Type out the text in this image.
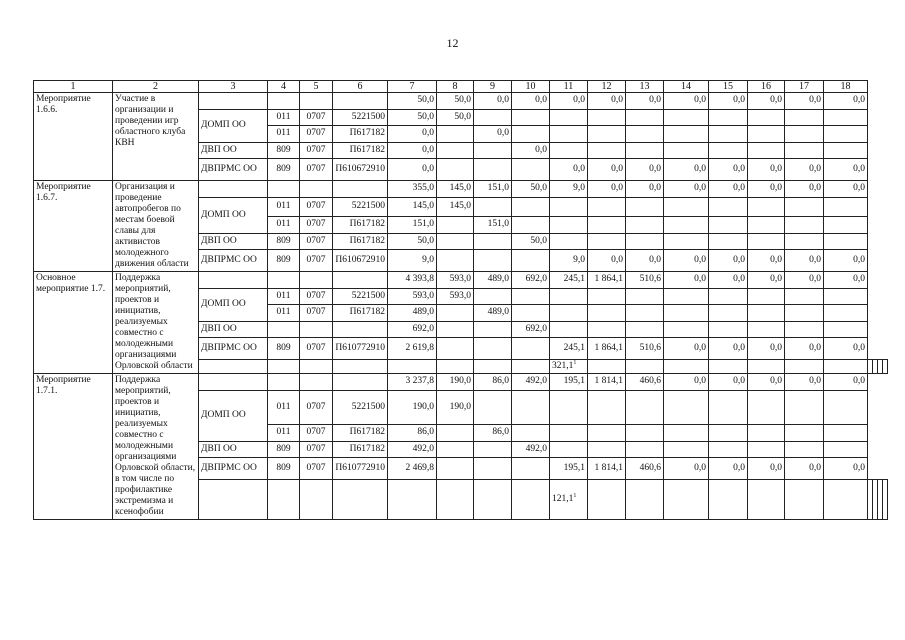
12
1	2	3	4	5	6	7	8	9	10	11	12	13	14	15	16	17	18				
Мероприятие 1.6.6.	Участие в организации и проведении игр областного клуба КВН					50,0	50,0	0,0	0,0	0,0	0,0	0,0	0,0	0,0	0,0	0,0	0,0				
		ДОМП ОО	011	0707	5221500	50,0	50,0														
			011	0707	П617182	0,0		0,0													
		ДВП ОО	809	0707	П617182	0,0			0,0												
		ДВПРМС ОО	809	0707	П610672910	0,0				0,0	0,0	0,0	0,0	0,0	0,0	0,0	0,0				
Мероприятие 1.6.7.	Организация и проведение автопробегов по местам боевой славы для активистов молодежного движения области					355,0	145,0	151,0	50,0	9,0	0,0	0,0	0,0	0,0	0,0	0,0	0,0				
		ДОМП ОО	011	0707	5221500	145,0	145,0														
			011	0707	П617182	151,0		151,0													
		ДВП ОО	809	0707	П617182	50,0			50,0												
		ДВПРМС ОО	809	0707	П610672910	9,0				9,0	0,0	0,0	0,0	0,0	0,0	0,0	0,0				
Основное мероприятие 1.7.	Поддержка мероприятий, проектов и инициатив, реализуемых совместно с молодежными организациями Орловской области					4 393,8	593,0	489,0	692,0	245,1	1 864,1	510,6	0,0	0,0	0,0	0,0	0,0				
		ДОМП ОО	011	0707	5221500	593,0	593,0														
			011	0707	П617182	489,0		489,0													
		ДВП ОО				692,0			692,0												
		ДВПРМС ОО	809	0707	П610772910	2 619,8				245,1	1 864,1	510,6	0,0	0,0	0,0	0,0	0,0				
										321,1$^1$											
Мероприятие 1.7.1.	Поддержка мероприятий, проектов и инициатив, реализуемых совместно с молодежными организациями Орловской области, в том числе по профилактике экстремизма и ксенофобии					3 237,8	190,0	86,0	492,0	195,1	1 814,1	460,6	0,0	0,0	0,0	0,0	0,0				
		ДОМП ОО	011	0707	5221500	190,0	190,0														
			011	0707	П617182	86,0		86,0													
		ДВП ОО	809	0707	П617182	492,0			492,0												
		ДВПРМС ОО	809	0707	П610772910	2 469,8				195,1	1 814,1	460,6	0,0	0,0	0,0	0,0	0,0				
										121,1$^1$											
